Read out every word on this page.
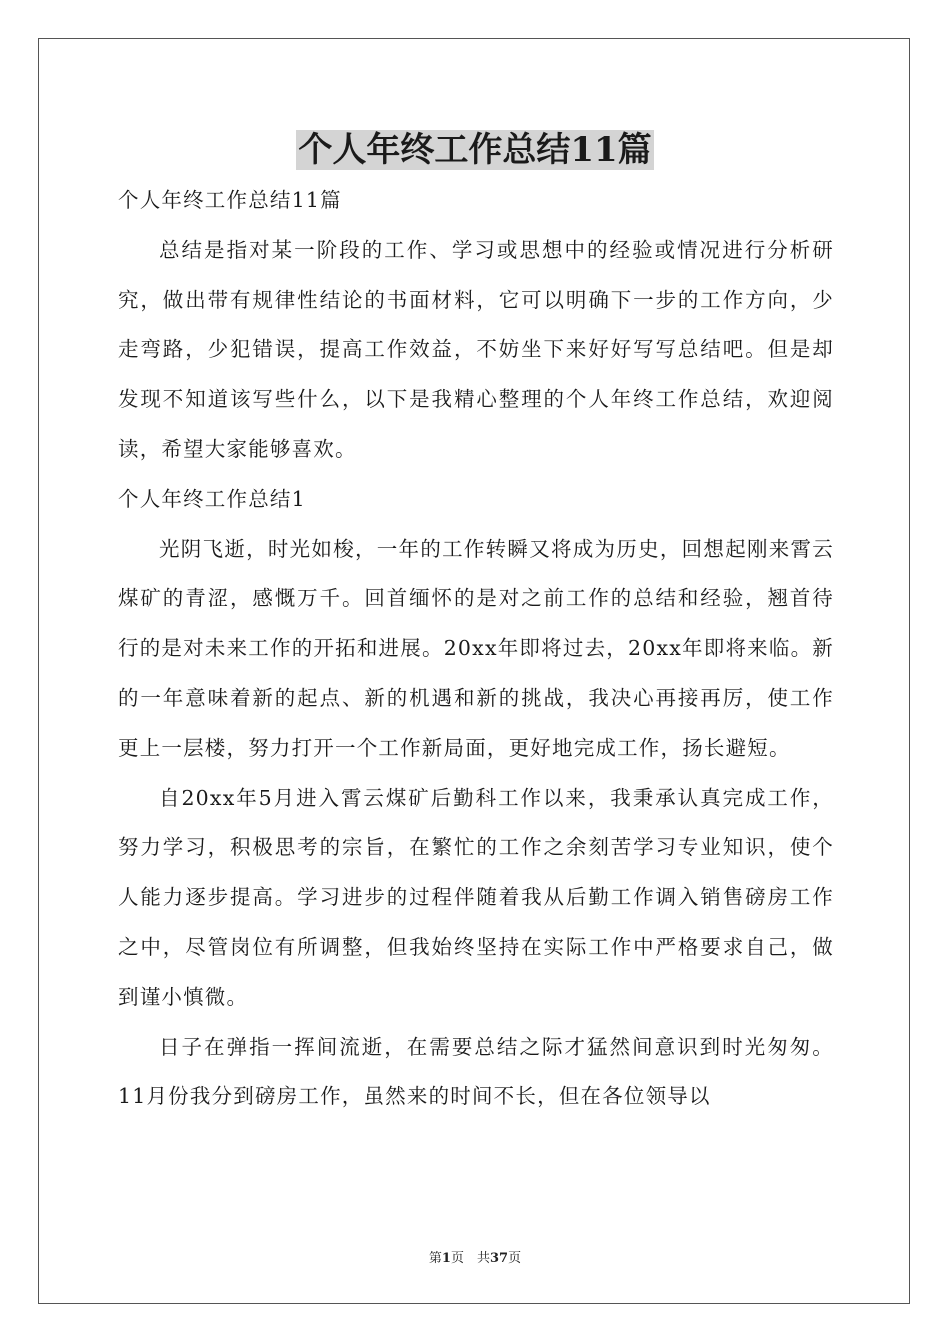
个人年终工作总结11篇

个人年终工作总结11篇

总结是指对某一阶段的工作、学习或思想中的经验或情况进行分析研究，做出带有规律性结论的书面材料，它可以明确下一步的工作方向，少走弯路，少犯错误，提高工作效益，不妨坐下来好好写写总结吧。但是却发现不知道该写些什么，以下是我精心整理的个人年终工作总结，欢迎阅读，希望大家能够喜欢。

个人年终工作总结1

光阴飞逝，时光如梭，一年的工作转瞬又将成为历史，回想起刚来霄云煤矿的青涩，感慨万千。回首缅怀的是对之前工作的总结和经验，翘首待行的是对未来工作的开拓和进展。20xx年即将过去，20xx年即将来临。新的一年意味着新的起点、新的机遇和新的挑战，我决心再接再厉，使工作更上一层楼，努力打开一个工作新局面，更好地完成工作，扬长避短。

自20xx年5月进入霄云煤矿后勤科工作以来，我秉承认真完成工作，努力学习，积极思考的宗旨，在繁忙的工作之余刻苦学习专业知识，使个人能力逐步提高。学习进步的过程伴随着我从后勤工作调入销售磅房工作之中，尽管岗位有所调整，但我始终坚持在实际工作中严格要求自己，做到谨小慎微。

日子在弹指一挥间流逝，在需要总结之际才猛然间意识到时光匆匆。11月份我分到磅房工作，虽然来的时间不长，但在各位领导以

第1页　共37页
